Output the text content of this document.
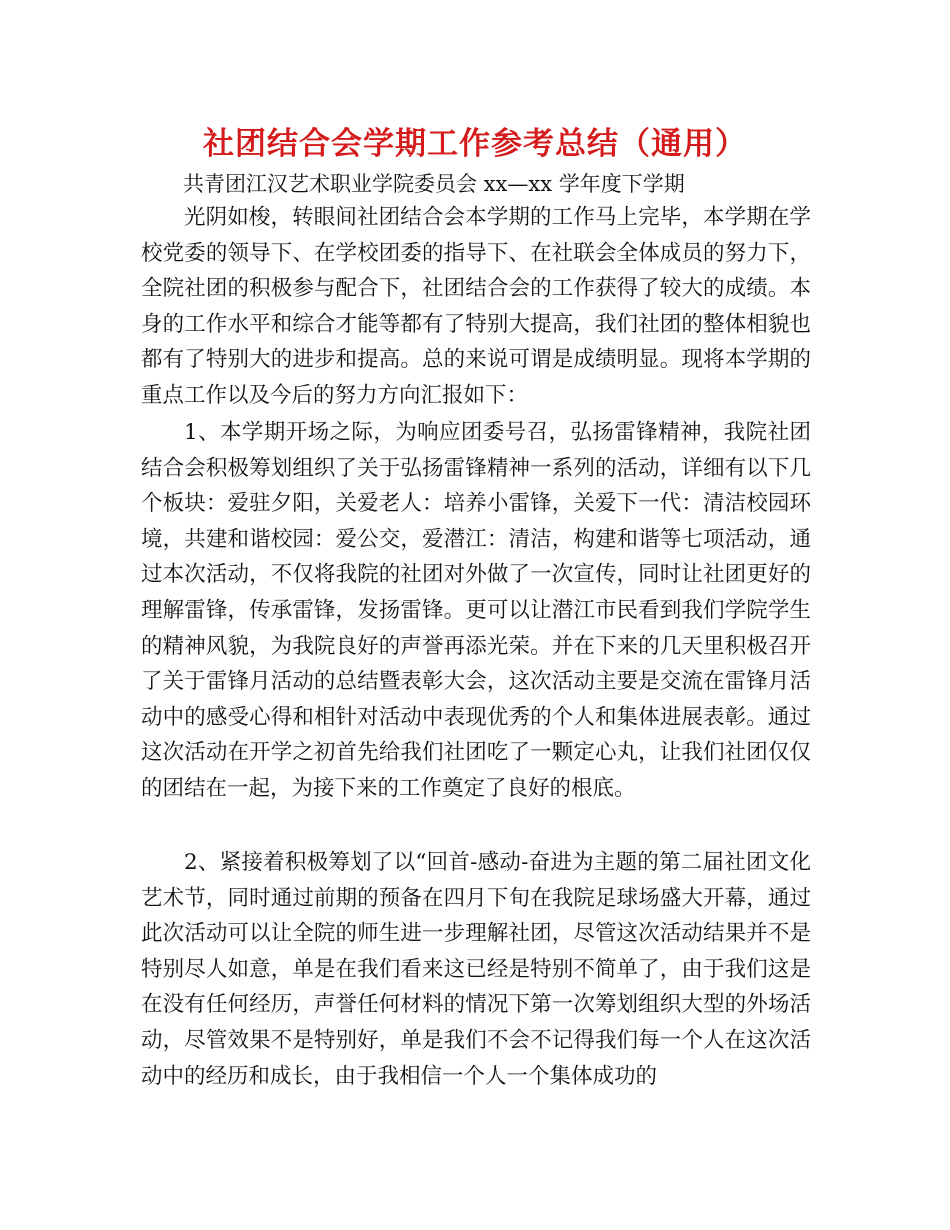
社团结合会学期工作参考总结（通用）
共青团江汉艺术职业学院委员会 xx—xx 学年度下学期

光阴如梭，转眼间社团结合会本学期的工作马上完毕，本学期在学校党委的领导下、在学校团委的指导下、在社联会全体成员的努力下，全院社团的积极参与配合下，社团结合会的工作获得了较大的成绩。本身的工作水平和综合才能等都有了特别大提高，我们社团的整体相貌也都有了特别大的进步和提高。总的来说可谓是成绩明显。现将本学期的重点工作以及今后的努力方向汇报如下：

1、本学期开场之际，为响应团委号召，弘扬雷锋精神，我院社团结合会积极筹划组织了关于弘扬雷锋精神一系列的活动，详细有以下几个板块：爱驻夕阳，关爱老人：培养小雷锋，关爱下一代：清洁校园环境，共建和谐校园：爱公交，爱潜江：清洁，构建和谐等七项活动，通过本次活动，不仅将我院的社团对外做了一次宣传，同时让社团更好的理解雷锋，传承雷锋，发扬雷锋。更可以让潜江市民看到我们学院学生的精神风貌，为我院良好的声誉再添光荣。并在下来的几天里积极召开了关于雷锋月活动的总结暨表彰大会，这次活动主要是交流在雷锋月活动中的感受心得和相针对活动中表现优秀的个人和集体进展表彰。通过这次活动在开学之初首先给我们社团吃了一颗定心丸，让我们社团仅仅的团结在一起，为接下来的工作奠定了良好的根底。

2、紧接着积极筹划了以“回首-感动-奋进为主题的第二届社团文化艺术节，同时通过前期的预备在四月下旬在我院足球场盛大开幕，通过此次活动可以让全院的师生进一步理解社团，尽管这次活动结果并不是特别尽人如意，单是在我们看来这已经是特别不简单了，由于我们这是在没有任何经历，声誉任何材料的情况下第一次筹划组织大型的外场活动，尽管效果不是特别好，单是我们不会不记得我们每一个人在这次活动中的经历和成长，由于我相信一个人一个集体成功的
